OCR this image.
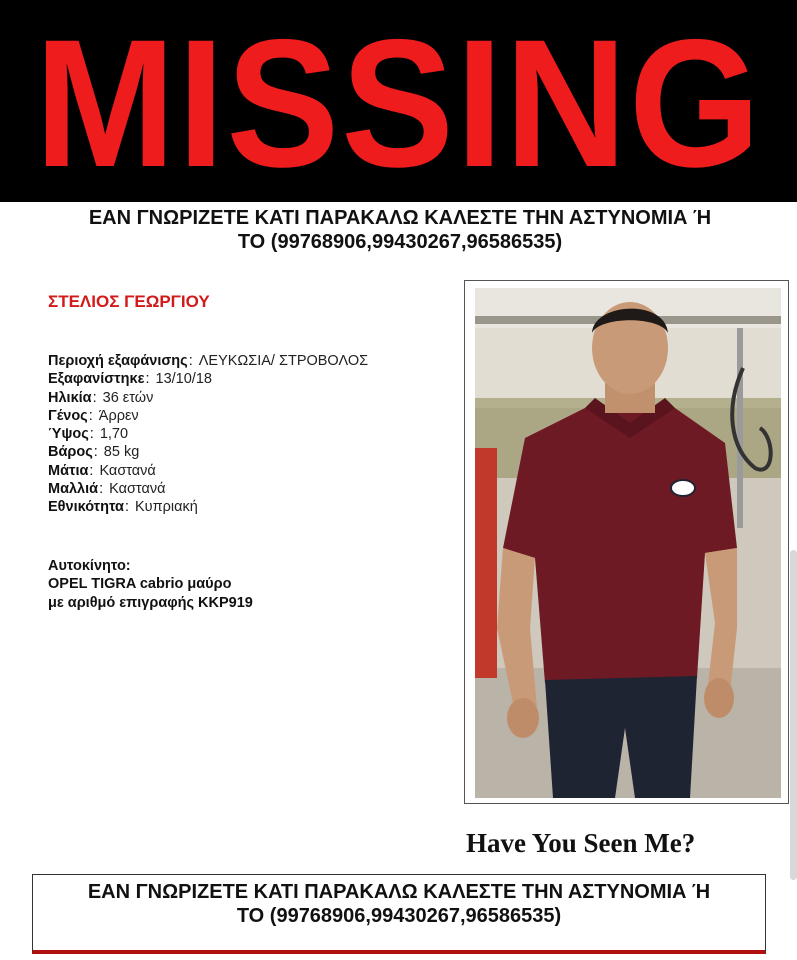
MISSING
ΕΑΝ ΓΝΩΡΙΖΕΤΕ ΚΑΤΙ ΠΑΡΑΚΑΛΩ ΚΑΛΕΣΤΕ ΤΗΝ ΑΣΤΥΝΟΜΙΑ Ή
ΤΟ (99768906,99430267,96586535)
ΣΤΕΛΙΟΣ ΓΕΩΡΓΙΟΥ
Περιοχή εξαφάνισης: ΛΕΥΚΩΣΙΑ/ ΣΤΡΟΒΟΛΟΣ
Εξαφανίστηκε: 13/10/18
Ηλικία: 36 ετών
Γένος: Άρρεν
Ύψος: 1,70
Βάρος: 85 kg
Μάτια: Καστανά
Μαλλιά: Καστανά
Εθνικότητα: Κυπριακή
Αυτοκίνητο:
OPEL TIGRA cabrio μαύρο
με αριθμό επιγραφής ΚΚΡ919
Have You Seen Me?
ΕΑΝ ΓΝΩΡΙΖΕΤΕ ΚΑΤΙ ΠΑΡΑΚΑΛΩ ΚΑΛΕΣΤΕ ΤΗΝ ΑΣΤΥΝΟΜΙΑ Ή
ΤΟ (99768906,99430267,96586535)
